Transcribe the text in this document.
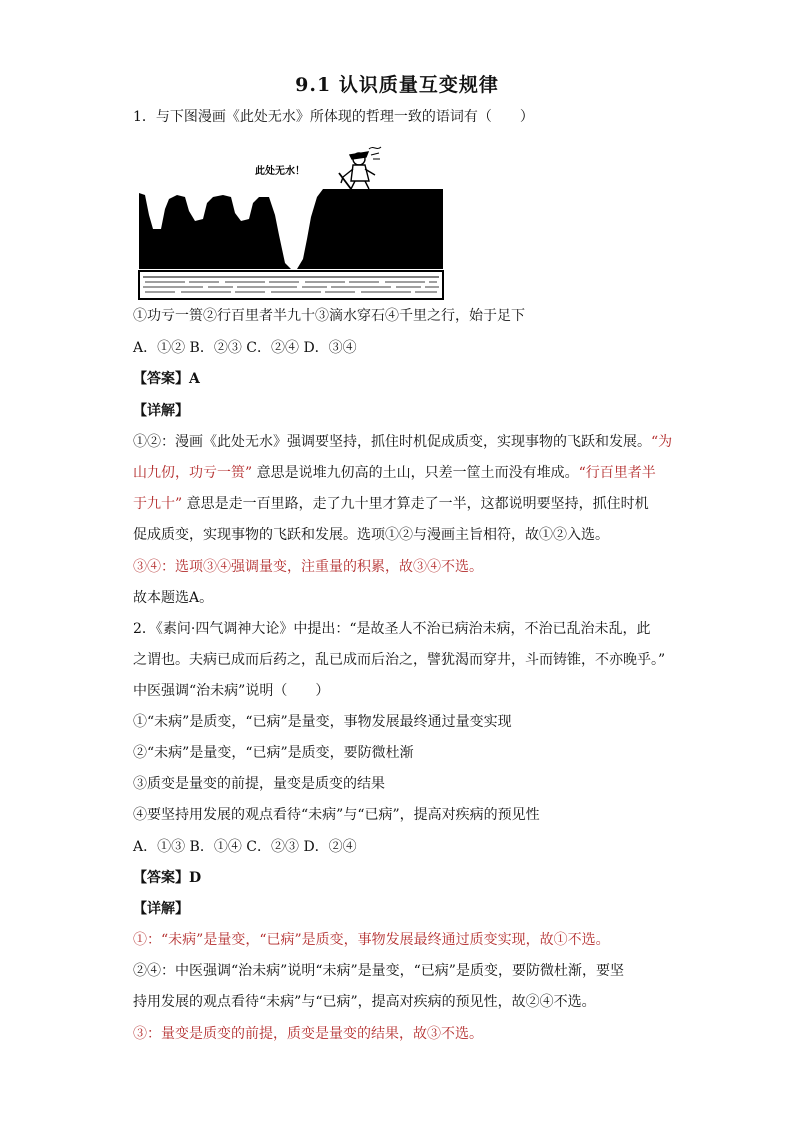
9.1 认识质量互变规律
1．与下图漫画《此处无水》所体现的哲理一致的语词有（　　）
此处无水！
①功亏一篑②行百里者半九十③滴水穿石④千里之行，始于足下
A．①② B．②③ C．②④ D．③④
【答案】A
【详解】
①②：漫画《此处无水》强调要坚持，抓住时机促成质变，实现事物的飞跃和发展。“为
山九仞，功亏一篑” 意思是说堆九仞高的土山，只差一筐土而没有堆成。“行百里者半
于九十” 意思是走一百里路，走了九十里才算走了一半，这都说明要坚持，抓住时机
促成质变，实现事物的飞跃和发展。选项①②与漫画主旨相符，故①②入选。
③④：选项③④强调量变，注重量的积累，故③④不选。
故本题选A。
2．《素问·四气调神大论》中提出：“是故圣人不治已病治未病，不治已乱治未乱，此
之谓也。夫病已成而后药之，乱已成而后治之，譬犹渴而穿井，斗而铸锥，不亦晚乎。”
中医强调“治未病”说明（　　）
①“未病”是质变，“已病”是量变，事物发展最终通过量变实现
②“未病”是量变，“已病”是质变，要防微杜渐
③质变是量变的前提，量变是质变的结果
④要坚持用发展的观点看待“未病”与“已病”，提高对疾病的预见性
A．①③ B．①④ C．②③ D．②④
【答案】D
【详解】
①：“未病”是量变，“已病”是质变，事物发展最终通过质变实现，故①不选。
②④：中医强调“治未病”说明“未病”是量变，“已病”是质变，要防微杜渐，要坚
持用发展的观点看待“未病”与“已病”，提高对疾病的预见性，故②④不选。
③：量变是质变的前提，质变是量变的结果，故③不选。
